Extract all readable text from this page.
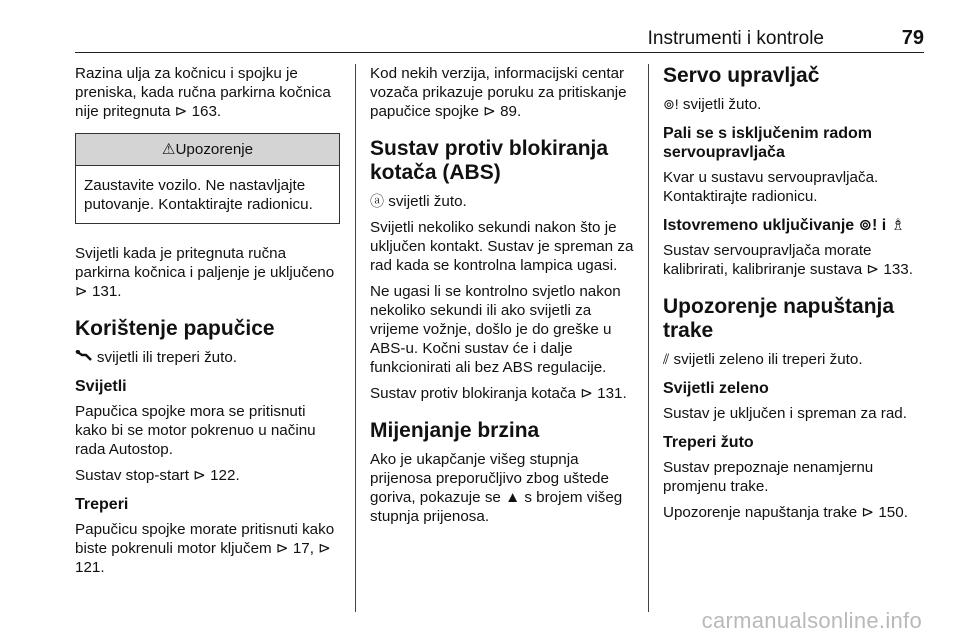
Instrumenti i kontrole	79

Razina ulja za kočnicu i spojku je preniska, kada ručna parkirna kočnica nije pritegnuta ⊳ 163.

⚠Upozorenje
Zaustavite vozilo. Ne nastavljajte putovanje. Kontaktirajte radionicu.

Svijetli kada je pritegnuta ručna parkirna kočnica i paljenje je uključeno ⊳ 131.

Korištenje papučice

svijetli ili treperi žuto.

Svijetli

Papučica spojke mora se pritisnuti kako bi se motor pokrenuo u načinu rada Autostop.

Sustav stop-start ⊳ 122.

Treperi

Papučicu spojke morate pritisnuti kako biste pokrenuli motor ključem ⊳ 17, ⊳ 121.

Kod nekih verzija, informacijski centar vozača prikazuje poruku za pritiskanje papučice spojke ⊳ 89.

Sustav protiv blokiranja kotača (ABS)

ⓐ svijetli žuto.

Svijetli nekoliko sekundi nakon što je uključen kontakt. Sustav je spreman za rad kada se kontrolna lampica ugasi.

Ne ugasi li se kontrolno svjetlo nakon nekoliko sekundi ili ako svijetli za vrijeme vožnje, došlo je do greške u ABS-u. Kočni sustav će i dalje funkcionirati ali bez ABS regulacije.

Sustav protiv blokiranja kotača ⊳ 131.

Mijenjanje brzina

Ako je ukapčanje višeg stupnja prijenosa preporučljivo zbog uštede goriva, pokazuje se ▲ s brojem višeg stupnja prijenosa.

Servo upravljač

⊚! svijetli žuto.

Pali se s isključenim radom servoupravljača

Kvar u sustavu servoupravljača. Kontaktirajte radionicu.

Istovremeno uključivanje ⊚! i ♗

Sustav servoupravljača morate kalibrirati, kalibriranje sustava ⊳ 133.

Upozorenje napuštanja trake

⫽ svijetli zeleno ili treperi žuto.

Svijetli zeleno

Sustav je uključen i spreman za rad.

Treperi žuto

Sustav prepoznaje nenamjernu promjenu trake.

Upozorenje napuštanja trake ⊳ 150.

carmanualsonline.info
